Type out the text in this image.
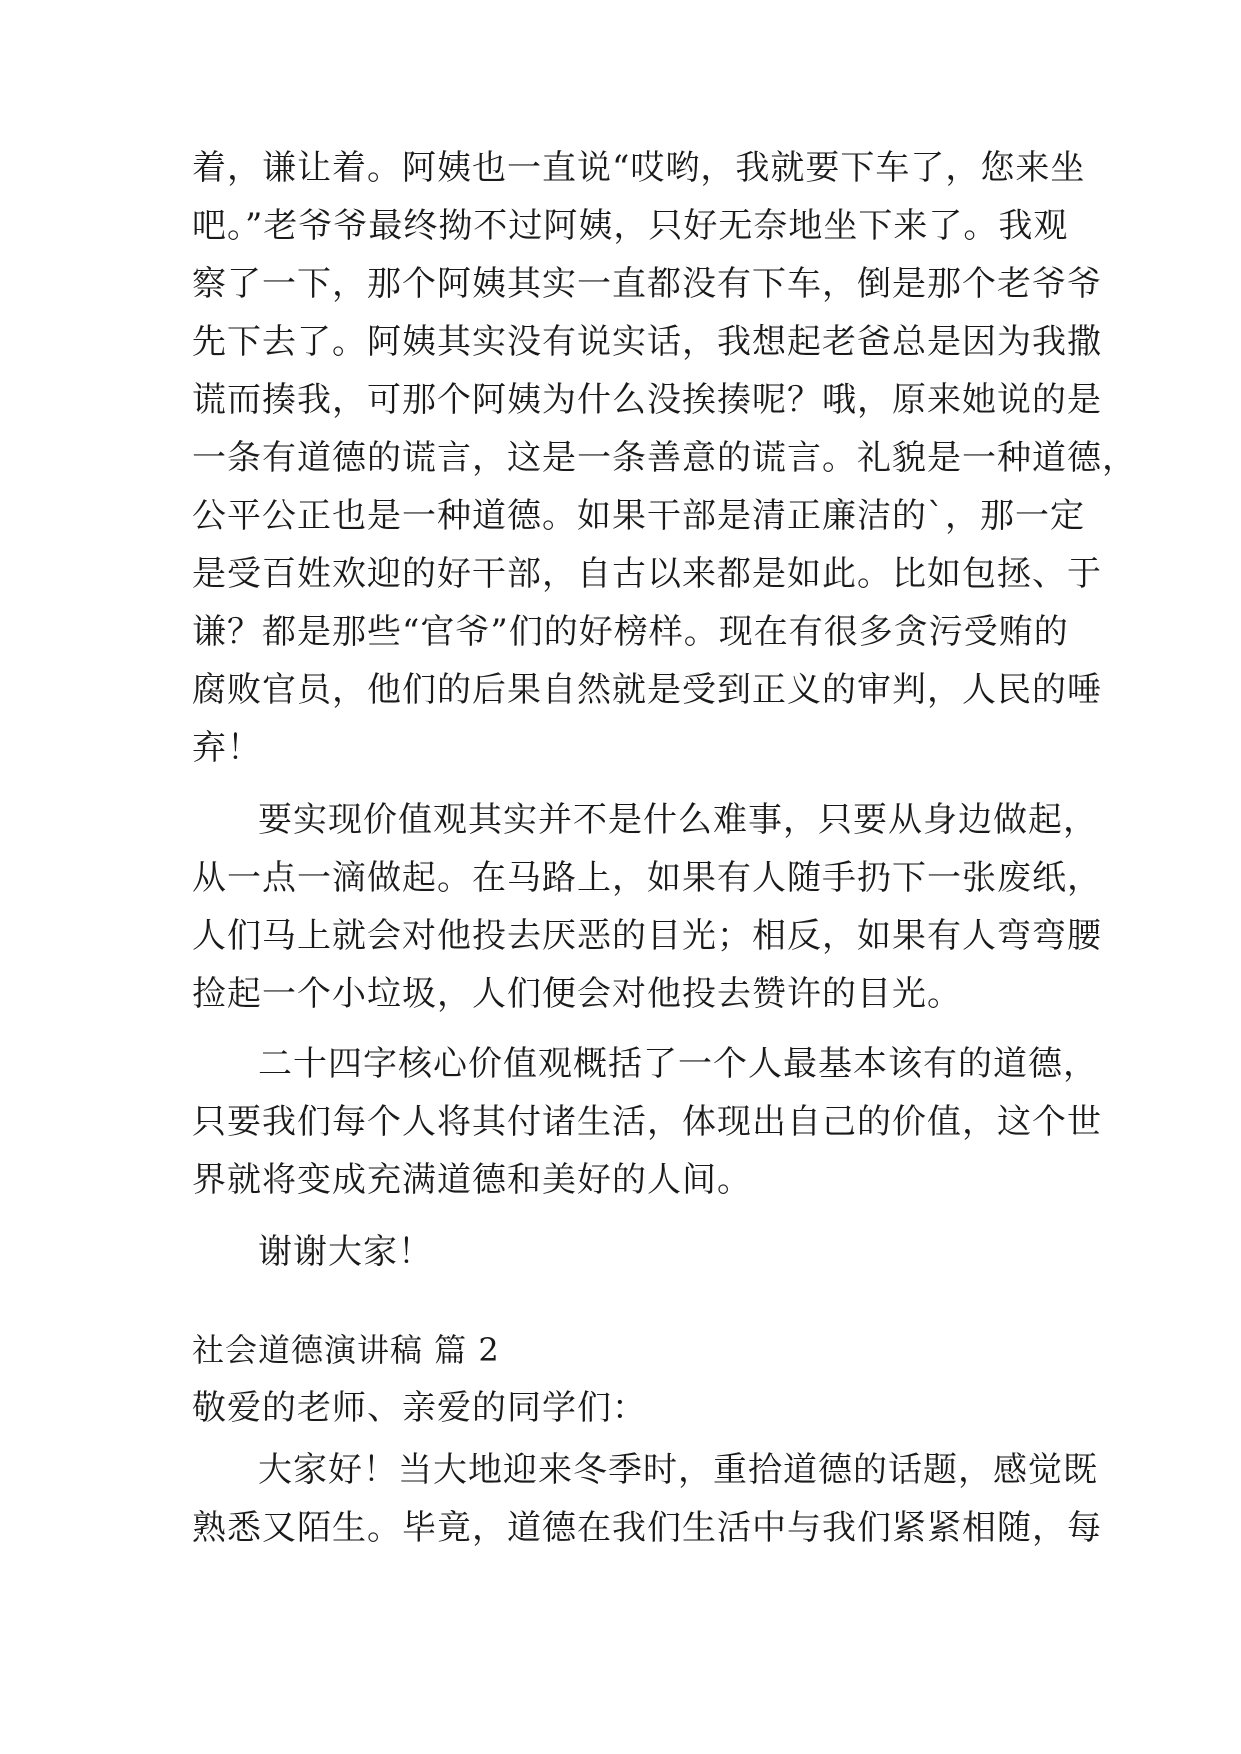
着，谦让着。阿姨也一直说“哎哟，我就要下车了，您来坐
吧。”老爷爷最终拗不过阿姨，只好无奈地坐下来了。我观
察了一下，那个阿姨其实一直都没有下车，倒是那个老爷爷
先下去了。阿姨其实没有说实话，我想起老爸总是因为我撒
谎而揍我，可那个阿姨为什么没挨揍呢？哦，原来她说的是
一条有道德的谎言，这是一条善意的谎言。礼貌是一种道德，
公平公正也是一种道德。如果干部是清正廉洁的`，那一定
是受百姓欢迎的好干部，自古以来都是如此。比如包拯、于
谦？都是那些“官爷”们的好榜样。现在有很多贪污受贿的
腐败官员，他们的后果自然就是受到正义的审判，人民的唾
弃！
要实现价值观其实并不是什么难事，只要从身边做起，
从一点一滴做起。在马路上，如果有人随手扔下一张废纸，
人们马上就会对他投去厌恶的目光；相反，如果有人弯弯腰
捡起一个小垃圾，人们便会对他投去赞许的目光。
二十四字核心价值观概括了一个人最基本该有的道德，
只要我们每个人将其付诸生活，体现出自己的价值，这个世
界就将变成充满道德和美好的人间。
谢谢大家！
社会道德演讲稿 篇 2
敬爱的老师、亲爱的同学们：
大家好！当大地迎来冬季时，重拾道德的话题，感觉既
熟悉又陌生。毕竟，道德在我们生活中与我们紧紧相随，每
